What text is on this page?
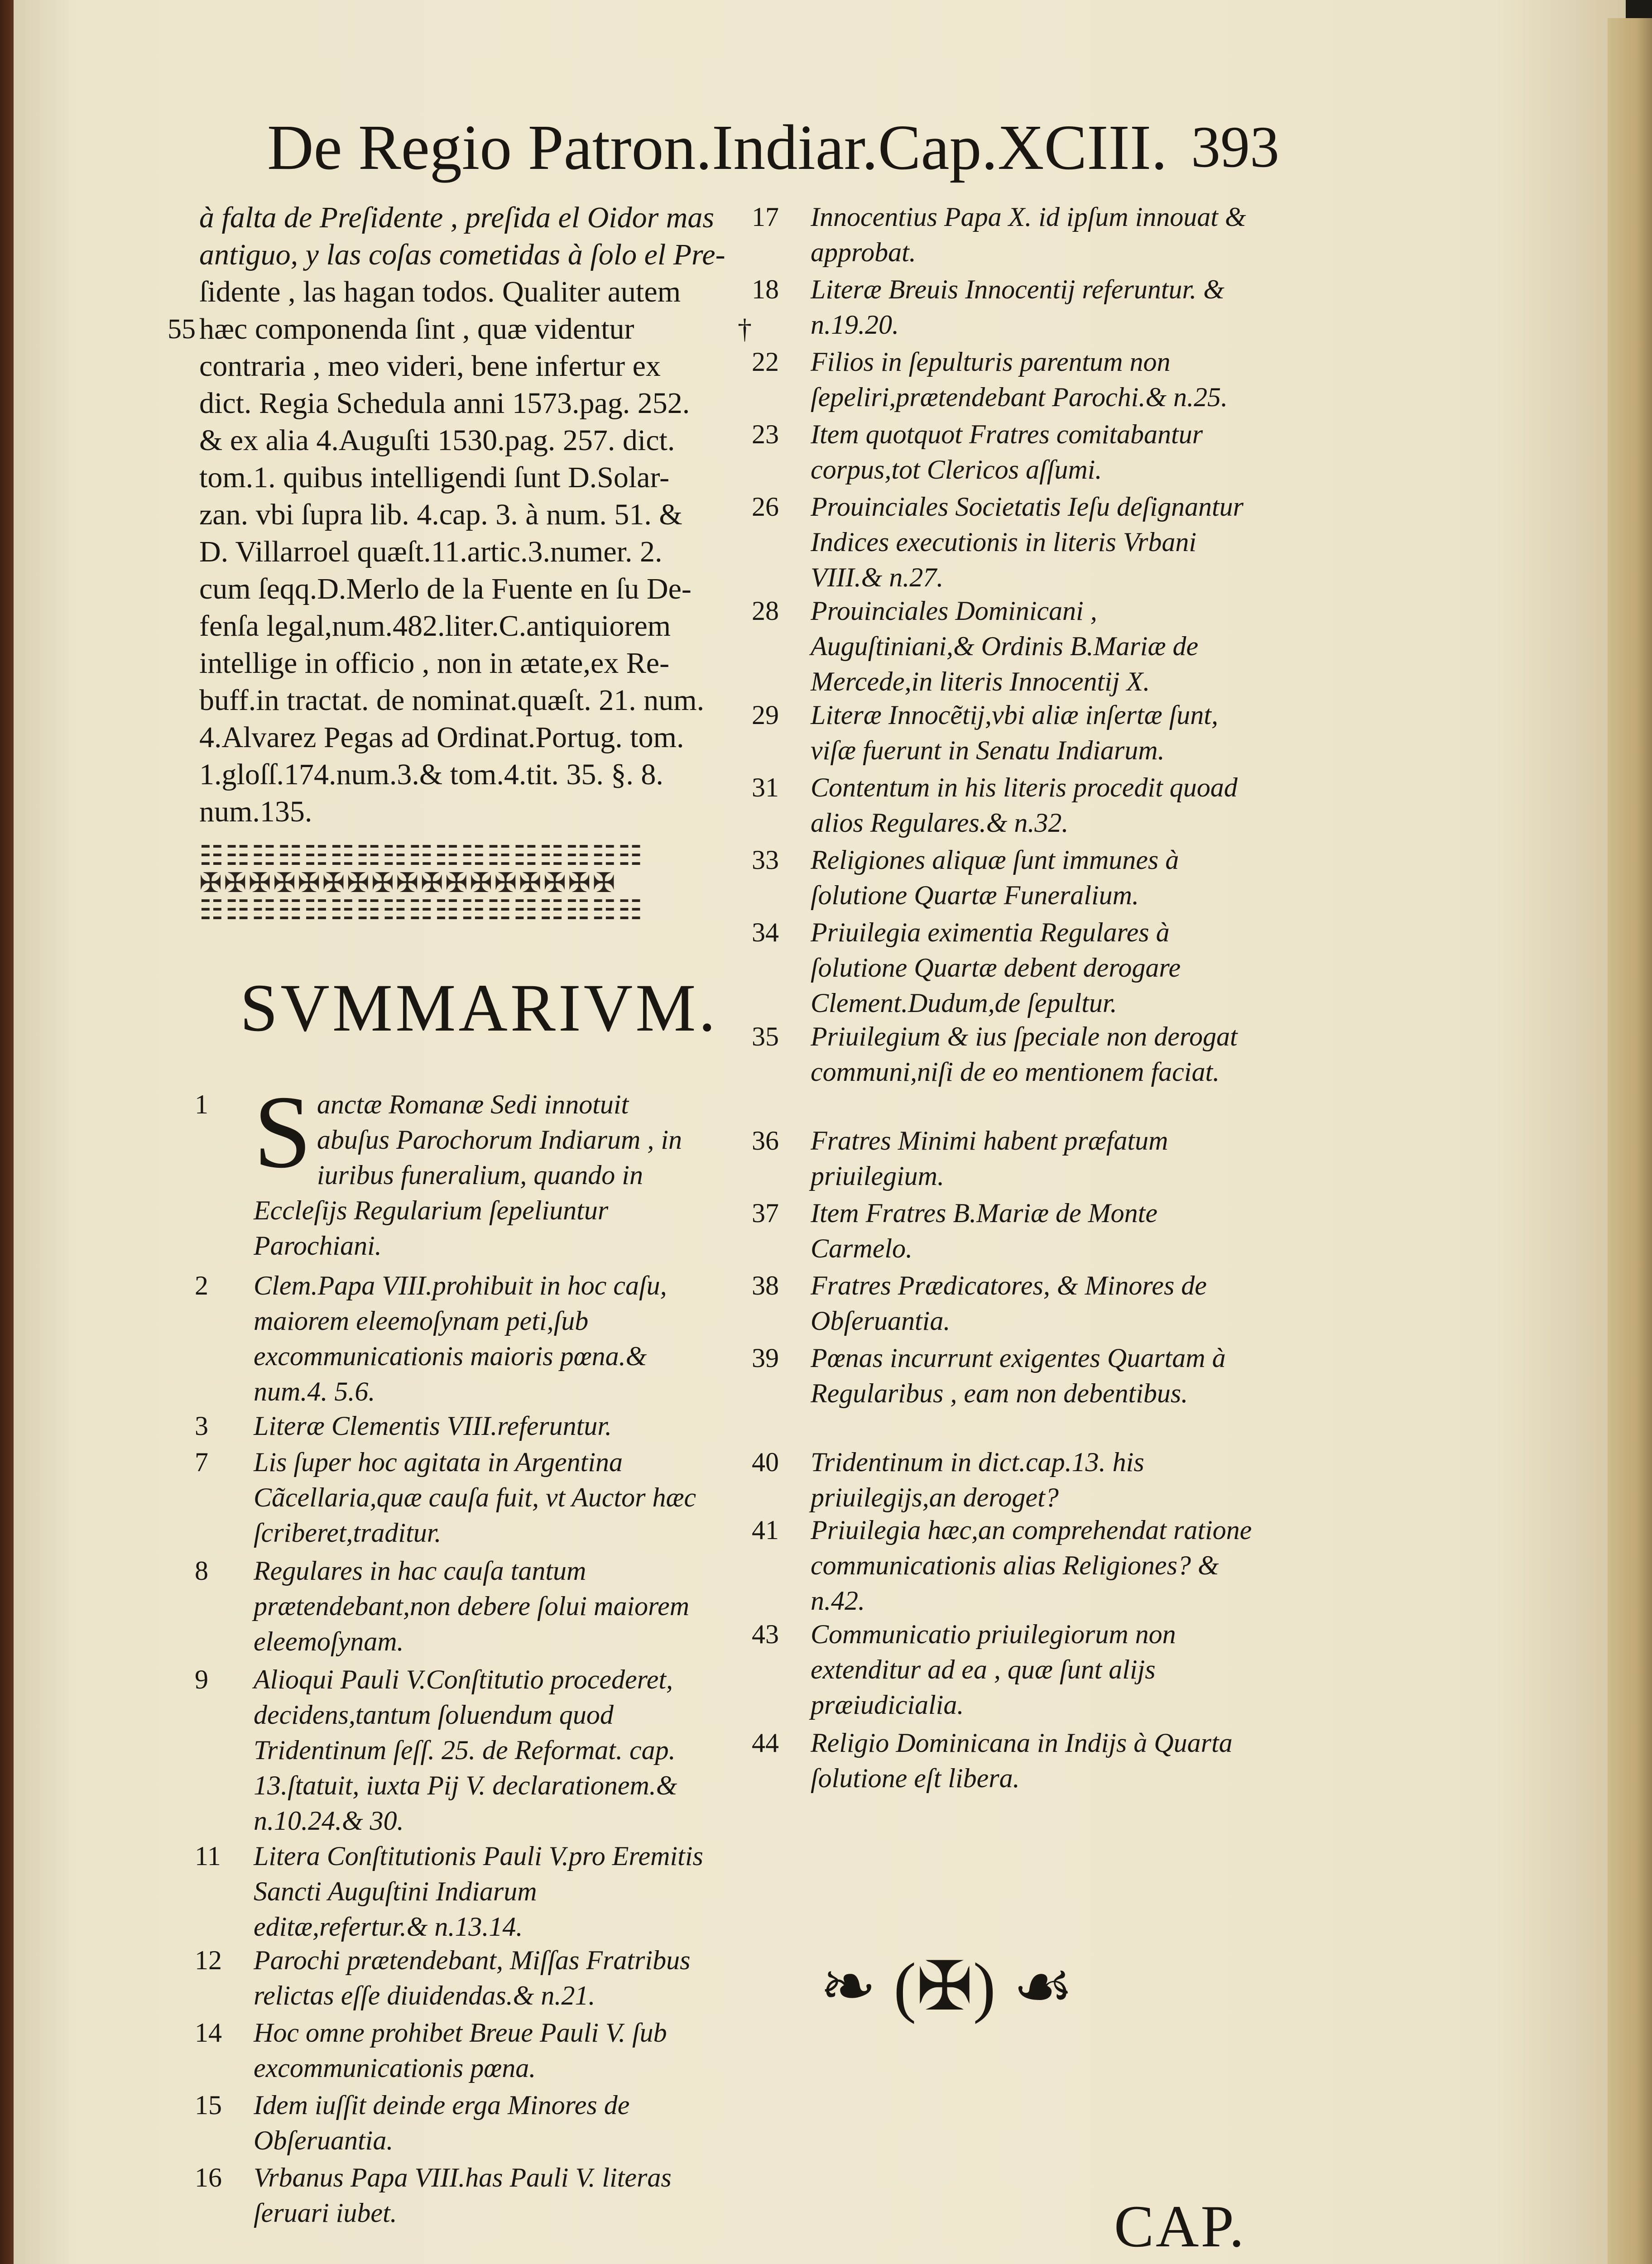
De Regio Patron.Indiar.Cap.XCIII. 393
55	†
à falta de Preſidente , preſida el Oidor mas
antiguo, y las coſas cometidas à ſolo el Pre-
ſidente , las hagan todos. Qualiter autem
hæc componenda ſint , quæ videntur
contraria , meo videri, bene infertur ex
dict. Regia Schedula anni 1573.pag. 252.
& ex alia 4.Auguſti 1530.pag. 257. dict.
tom.1. quibus intelligendi ſunt D.Solar-
zan. vbi ſupra lib. 4.cap. 3. à num. 51. &
D. Villarroel quæſt.11.artic.3.numer. 2.
cum ſeqq.D.Merlo de la Fuente en ſu De-
fenſa legal,num.482.liter.C.antiquiorem
intellige in officio , non in ætate,ex Re-
buff.in tractat. de nominat.quæſt. 21. num.
4.Alvarez Pegas ad Ordinat.Portug. tom.
1.gloſſ.174.num.3.& tom.4.tit. 35. §. 8.
num.135.
☷☷☷☷☷☷☷☷☷☷☷☷☷☷☷☷☷
✠✠✠✠✠✠✠✠✠✠✠✠✠✠✠✠✠
☷☷☷☷☷☷☷☷☷☷☷☷☷☷☷☷☷
SVMMARIVM.
1 S anctæ Romanæ Sedi innotuit abuſus Parochorum Indiarum , in iuribus funeralium, quando in Eccleſijs Regularium ſepeliuntur Parochiani.
2 Clem.Papa VIII.prohibuit in hoc caſu, maiorem eleemoſynam peti,ſub excommunicationis maioris pœna.& num.4. 5.6.
3 Literæ Clementis VIII.referuntur.
7 Lis ſuper hoc agitata in Argentina Cãcellaria,quæ cauſa fuit, vt Auctor hæc ſcriberet,traditur.
8 Regulares in hac cauſa tantum prætendebant,non debere ſolui maiorem eleemoſynam.
9 Alioqui Pauli V.Conſtitutio procederet, decidens,tantum ſoluendum quod Tridentinum ſeſſ. 25. de Reformat. cap. 13.ſtatuit, iuxta Pij V. declarationem.& n.10.24.& 30.
11 Litera Conſtitutionis Pauli V.pro Eremitis Sancti Auguſtini Indiarum editæ,refertur.& n.13.14.
12 Parochi prætendebant, Miſſas Fratribus relictas eſſe diuidendas.& n.21.
14 Hoc omne prohibet Breue Pauli V. ſub excommunicationis pœna.
15 Idem iuſſit deinde erga Minores de Obſeruantia.
16 Vrbanus Papa VIII.has Pauli V. literas ſeruari iubet.
17 Innocentius Papa X. id ipſum innouat & approbat.
18 Literæ Breuis Innocentij referuntur. & n.19.20.
22 Filios in ſepulturis parentum non ſepeliri,prætendebant Parochi.& n.25.
23 Item quotquot Fratres comitabantur corpus,tot Clericos aſſumi.
26 Prouinciales Societatis Ieſu deſignantur Indices executionis in literis Vrbani VIII.& n.27.
28 Prouinciales Dominicani , Auguſtiniani,& Ordinis B.Mariæ de Mercede,in literis Innocentij X.
29 Literæ Innocẽtij,vbi aliæ inſertæ ſunt, viſæ fuerunt in Senatu Indiarum.
31 Contentum in his literis procedit quoad alios Regulares.& n.32.
33 Religiones aliquæ ſunt immunes à ſolutione Quartæ Funeralium.
34 Priuilegia eximentia Regulares à ſolutione Quartæ debent derogare Clement.Dudum,de ſepultur.
35 Priuilegium & ius ſpeciale non derogat communi,niſi de eo mentionem faciat.
36 Fratres Minimi habent præfatum priuilegium.
37 Item Fratres B.Mariæ de Monte Carmelo.
38 Fratres Prædicatores, & Minores de Obſeruantia.
39 Pœnas incurrunt exigentes Quartam à Regularibus , eam non debentibus.
40 Tridentinum in dict.cap.13. his priuilegijs,an deroget?
41 Priuilegia hæc,an comprehendat ratione communicationis alias Religiones? & n.42.
43 Communicatio priuilegiorum non extenditur ad ea , quæ ſunt alijs præiudicialia.
44 Religio Dominicana in Indijs à Quarta ſolutione eſt libera.
❧ (✠) ☙
CAP.
